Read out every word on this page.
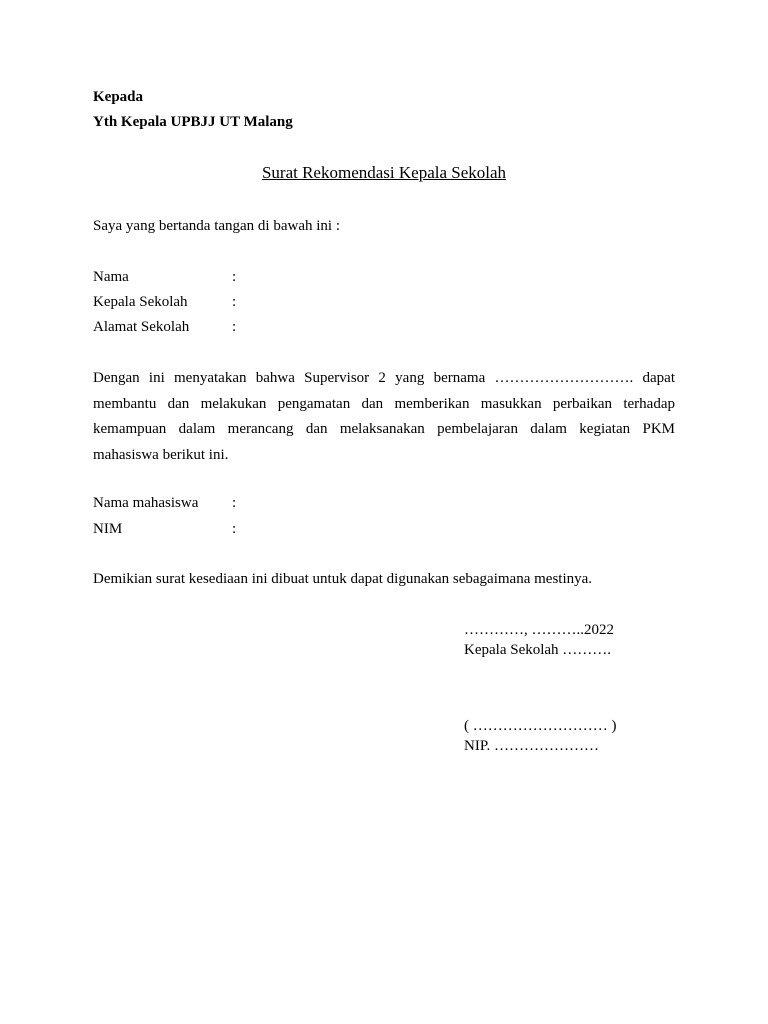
Kepada
Yth Kepala UPBJJ UT Malang
Surat Rekomendasi Kepala Sekolah
Saya yang bertanda tangan di bawah ini :
Nama	:
Kepala Sekolah	:
Alamat Sekolah	:
Dengan ini menyatakan bahwa Supervisor 2 yang bernama ………………………. dapat membantu dan melakukan pengamatan dan memberikan masukkan perbaikan terhadap kemampuan dalam merancang dan melaksanakan pembelajaran dalam kegiatan PKM mahasiswa berikut ini.
Nama mahasiswa :
NIM	:
Demikian surat kesediaan ini dibuat untuk dapat digunakan sebagaimana mestinya.
…………, ………..2022
Kepala Sekolah ……….
( ……………………… )
NIP. …………………
